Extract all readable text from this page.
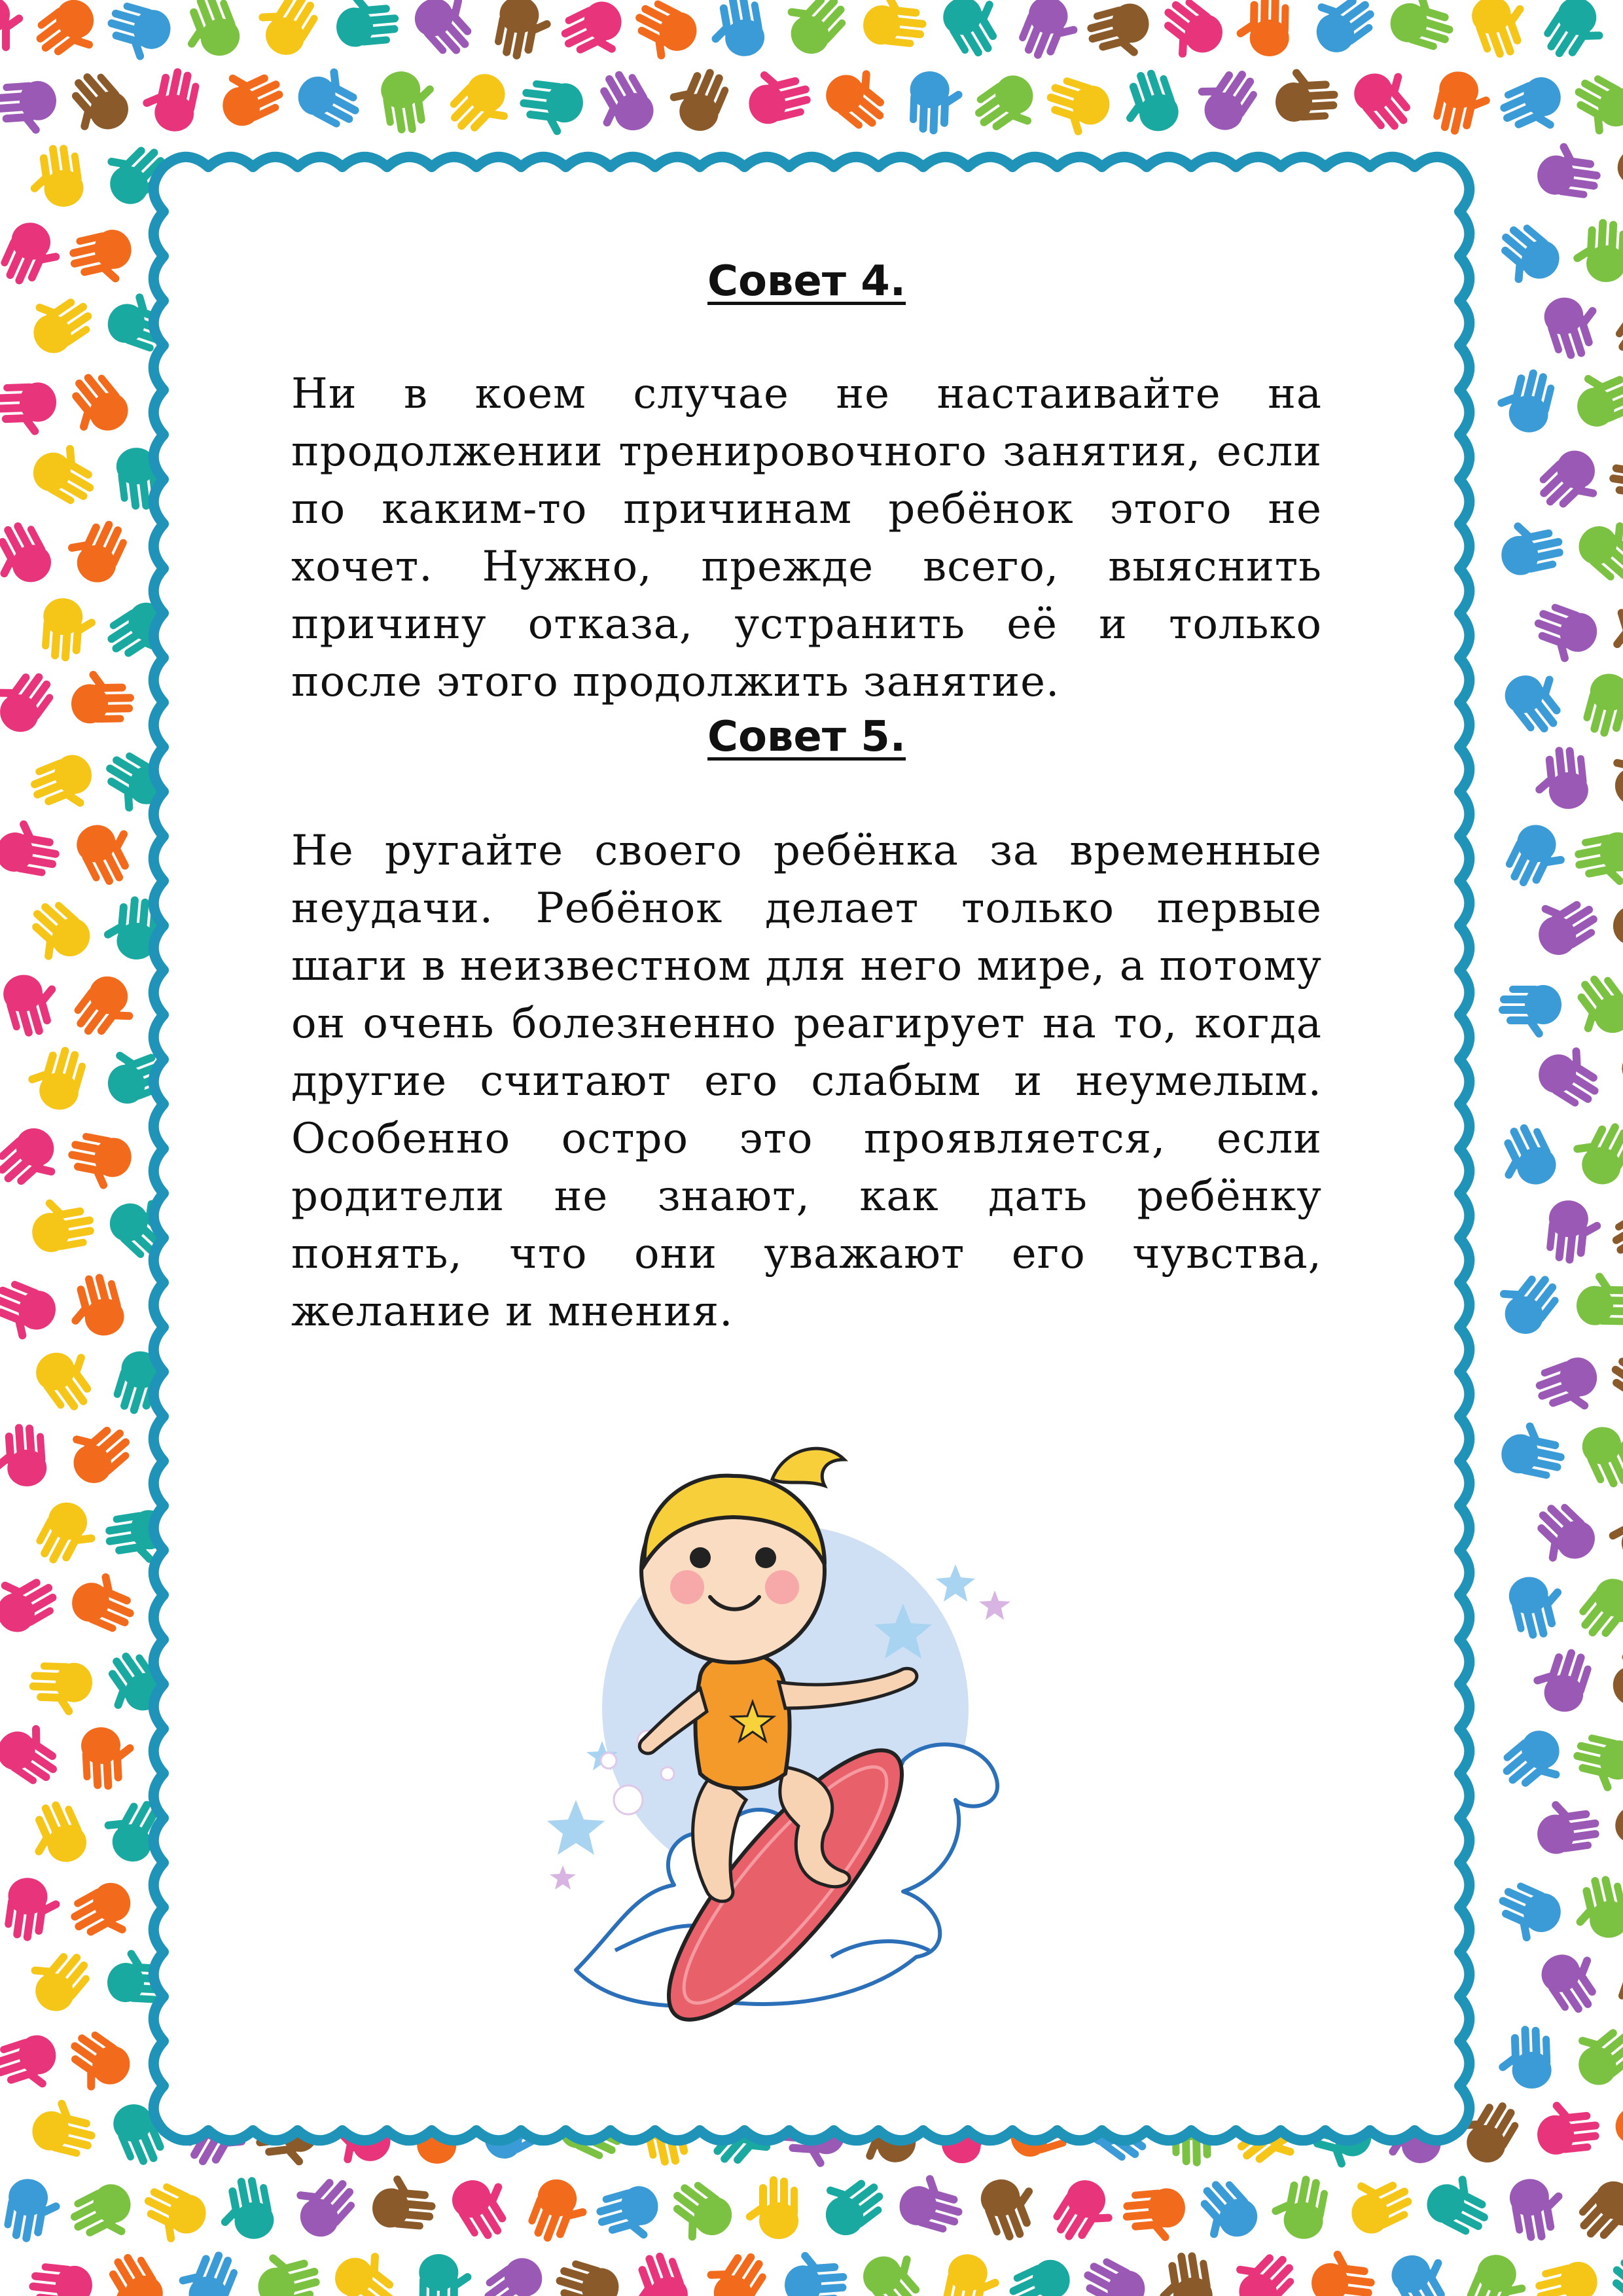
Совет 4.

Ни в коем случае не настаивайте на продолжении тренировочного занятия, если по каким-то причинам ребёнок этого не хочет. Нужно, прежде всего, выяснить причину отказа, устранить её и только после этого продолжить занятие.

Совет 5.

Не ругайте своего ребёнка за временные неудачи. Ребёнок делает только первые шаги в неизвестном для него мире, а потому он очень болезненно реагирует на то, когда другие считают его слабым и неумелым. Особенно остро это проявляется, если родители не знают, как дать ребёнку понять, что они уважают его чувства, желание и мнения.
